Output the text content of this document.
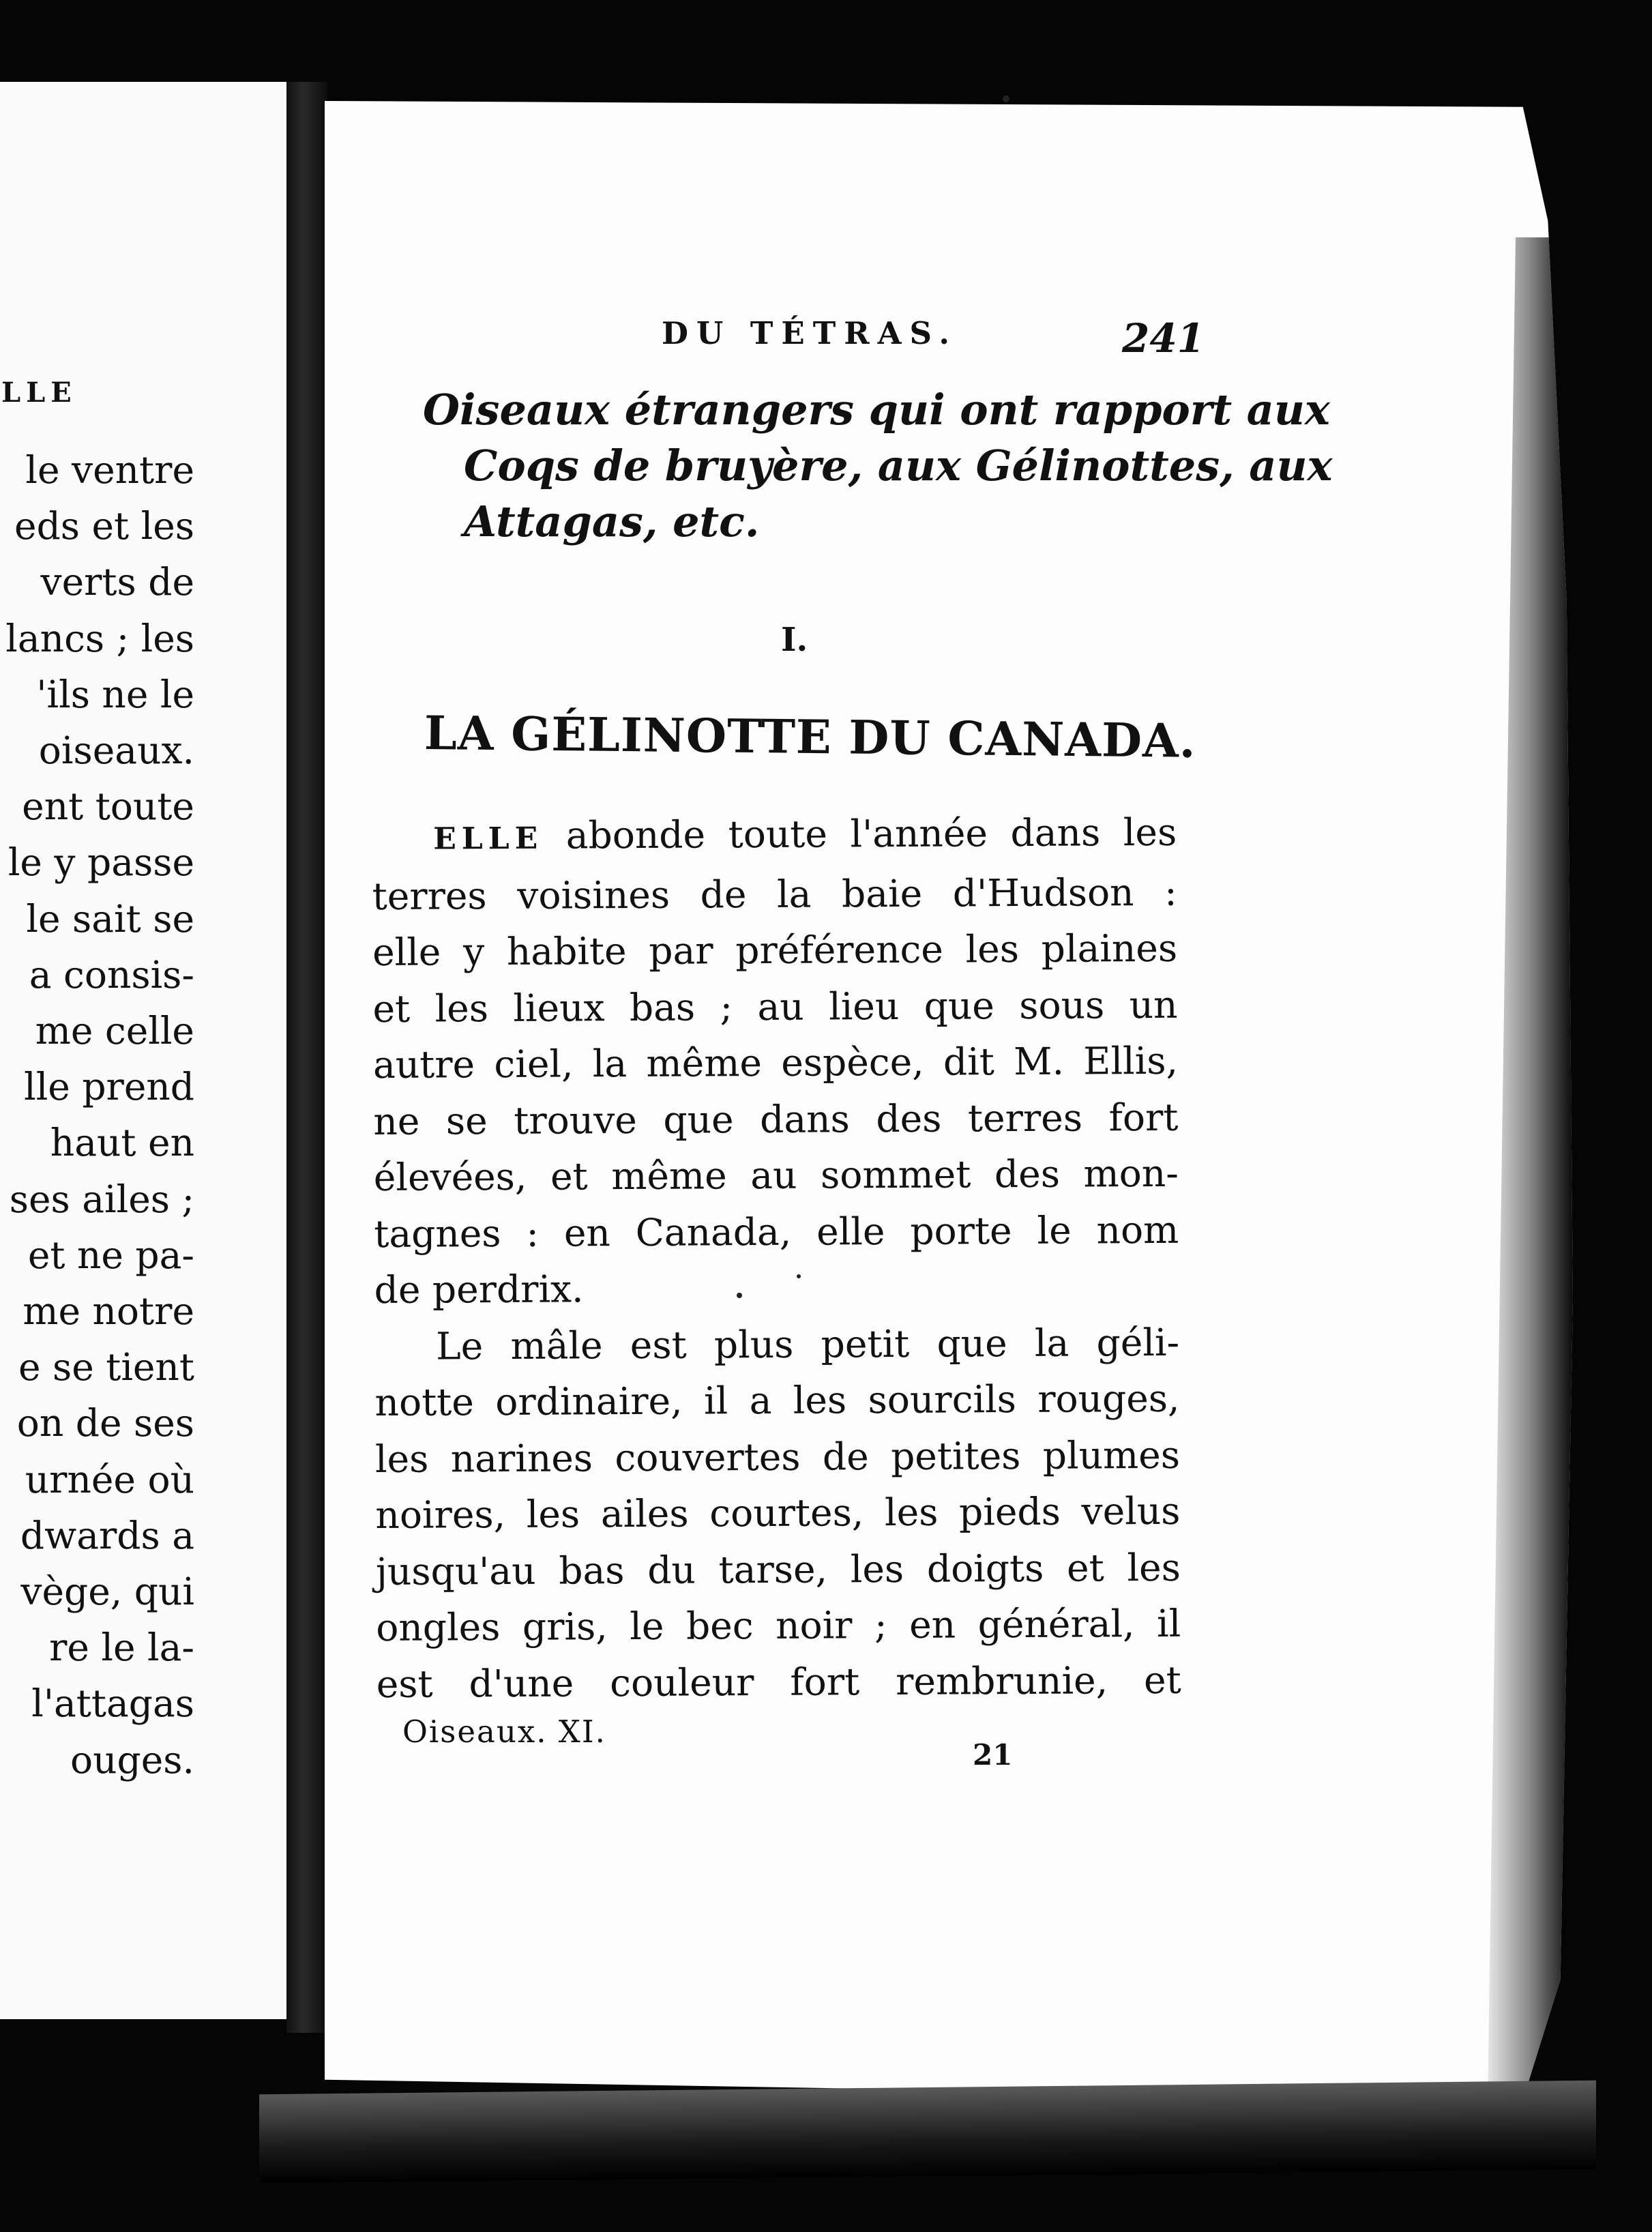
LLE
le ventre
eds et les
verts de
lancs ; les
'ils ne le
oiseaux.
ent toute
le y passe
le sait se
a consis-
me celle
lle prend
haut en
ses ailes ;
et ne pa-
me notre
e se tient
on de ses
urnée où
dwards a
vège, qui
re le la-
l'attagas
ouges.
DU TÉTRAS.	241
Oiseaux étrangers qui ont rapport aux
Coqs de bruyère, aux Gélinottes, aux
Attagas, etc.
I.
LA GÉLINOTTE DU CANADA.
ELLE abonde toute l'année dans les
terres voisines de la baie d'Hudson :
elle y habite par préférence les plaines
et les lieux bas ; au lieu que sous un
autre ciel, la même espèce, dit M. Ellis,
ne se trouve que dans des terres fort
élevées, et même au sommet des mon-
tagnes : en Canada, elle porte le nom
de perdrix.
Le mâle est plus petit que la géli-
notte ordinaire, il a les sourcils rouges,
les narines couvertes de petites plumes
noires, les ailes courtes, les pieds velus
jusqu'au bas du tarse, les doigts et les
ongles gris, le bec noir ; en général, il
est d'une couleur fort rembrunie, et
Oiseaux. XI.
21
